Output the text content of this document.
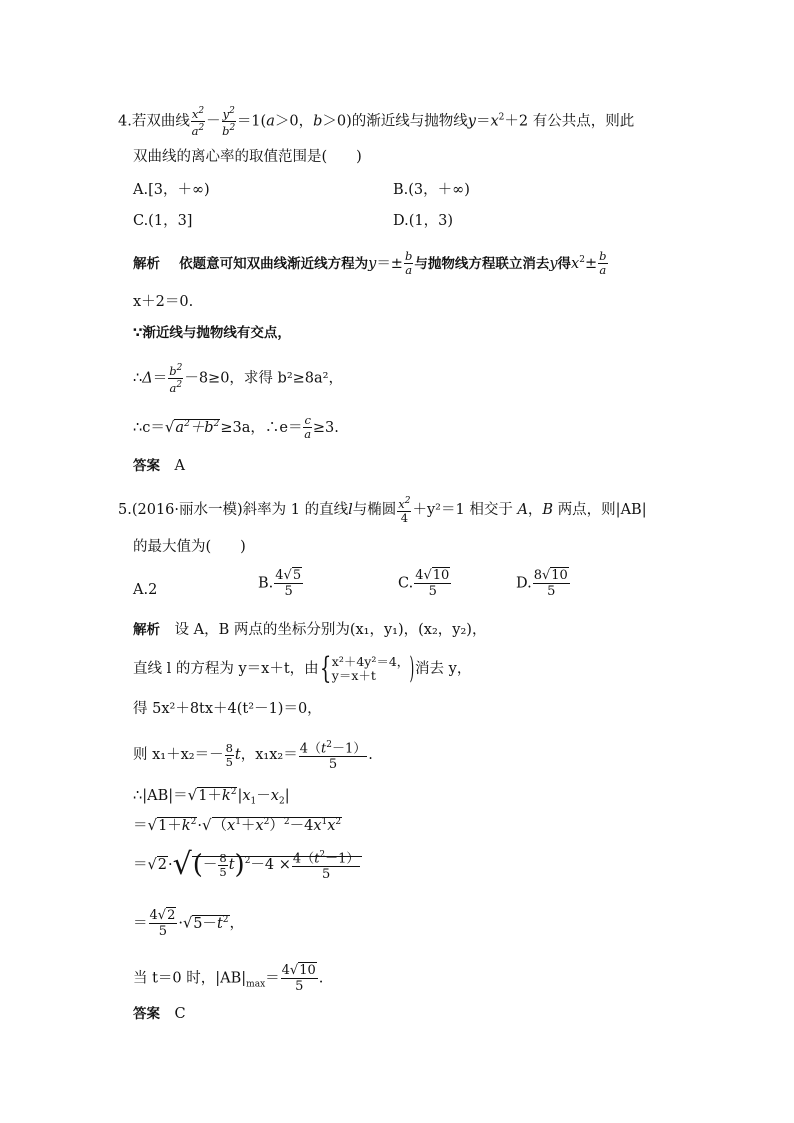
4.若双曲线 $\frac{x^2}{a^2} - \frac{y^2}{b^2} =1(a>0$，b＞0)的渐近线与抛物线$y=x^2+2$ 有公共点，则此
双曲线的离心率的取值范围是(　　)
A.[3，＋∞)	B.(3，＋∞)
C.(1，3]	D.(1，3)
解析　 依题意可知双曲线渐近线方程为$y=\pm \frac{b}{a}$ 与抛物线方程联立消去y得$x^2\pm \frac{b}{a}$
x＋2＝0.
∵渐近线与抛物线有交点，
∴Δ＝ $\frac{b^2}{a^2} -8\ge 0$，求得 b²≥8a²，
$\therefore c=√a^2+b^2\ge 3a$，∴e＝ $\frac{c}{a} \ge 3$.
答案　 A
5.(2016·丽水一模)斜率为 1 的直线l与椭圆 $\frac{x^2}{4} +y^2=1$ 相交于 A，B 两点，则|AB|
的最大值为(　　)
A.2	B. $\frac{4√5}{5}$	C. $\frac{4√10}{5}$	D. $\frac{8√10}{5}$
解析　 设 A，B 两点的坐标分别为(x₁，y₁)，(x₂，y₂)，
直线 l 的方程为 y＝x＋t，由{x²＋4y²＝4，
y＝x＋t )消去 y，
得 5x²＋8tx＋4(t²－1)＝0，
则 $x_1+x_2=- \frac{8}{5}$ t，$x_1x_2= \frac{4(t^2-1)}{5}$ .
$\therefore|AB|=√1+k^2|x_1-x_2|$
$=√1+k^2\cdot√(x^1+x^2)^2-4x^1x^2$
$=√2\cdot√(- \frac{8}{5} t)^2-4 \times \frac{4(t^2-1)}{5}$
＝ $\frac{4√2}{5} \cdot√5-t^2$，
当 t＝0 时，$|AB|_{max}= \frac{4√10}{5}$ .
答案　 C
